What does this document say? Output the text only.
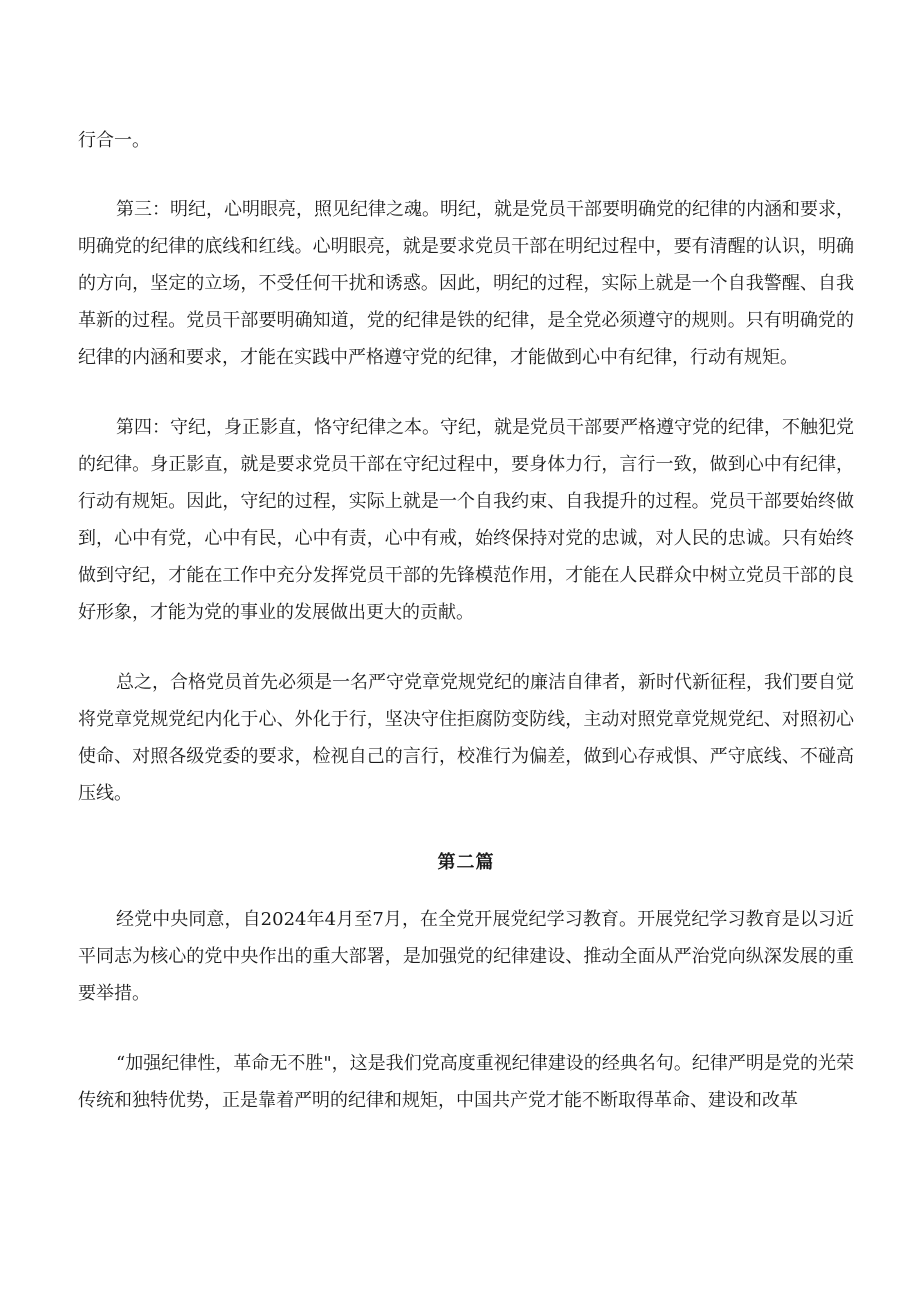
行合一。

第三：明纪，心明眼亮，照见纪律之魂。明纪，就是党员干部要明确党的纪律的内涵和要求，明确党的纪律的底线和红线。心明眼亮，就是要求党员干部在明纪过程中，要有清醒的认识，明确的方向，坚定的立场，不受任何干扰和诱惑。因此，明纪的过程，实际上就是一个自我警醒、自我革新的过程。党员干部要明确知道，党的纪律是铁的纪律，是全党必须遵守的规则。只有明确党的纪律的内涵和要求，才能在实践中严格遵守党的纪律，才能做到心中有纪律，行动有规矩。

第四：守纪，身正影直，恪守纪律之本。守纪，就是党员干部要严格遵守党的纪律，不触犯党的纪律。身正影直，就是要求党员干部在守纪过程中，要身体力行，言行一致，做到心中有纪律，行动有规矩。因此，守纪的过程，实际上就是一个自我约束、自我提升的过程。党员干部要始终做到，心中有党，心中有民，心中有责，心中有戒，始终保持对党的忠诚，对人民的忠诚。只有始终做到守纪，才能在工作中充分发挥党员干部的先锋模范作用，才能在人民群众中树立党员干部的良好形象，才能为党的事业的发展做出更大的贡献。

总之，合格党员首先必须是一名严守党章党规党纪的廉洁自律者，新时代新征程，我们要自觉将党章党规党纪内化于心、外化于行，坚决守住拒腐防变防线，主动对照党章党规党纪、对照初心使命、对照各级党委的要求，检视自己的言行，校准行为偏差，做到心存戒惧、严守底线、不碰高压线。

第二篇

经党中央同意，自2024年4月至7月，在全党开展党纪学习教育。开展党纪学习教育是以习近平同志为核心的党中央作出的重大部署，是加强党的纪律建设、推动全面从严治党向纵深发展的重要举措。

“加强纪律性，革命无不胜"，这是我们党高度重视纪律建设的经典名句。纪律严明是党的光荣传统和独特优势，正是靠着严明的纪律和规矩，中国共产党才能不断取得革命、建设和改革
